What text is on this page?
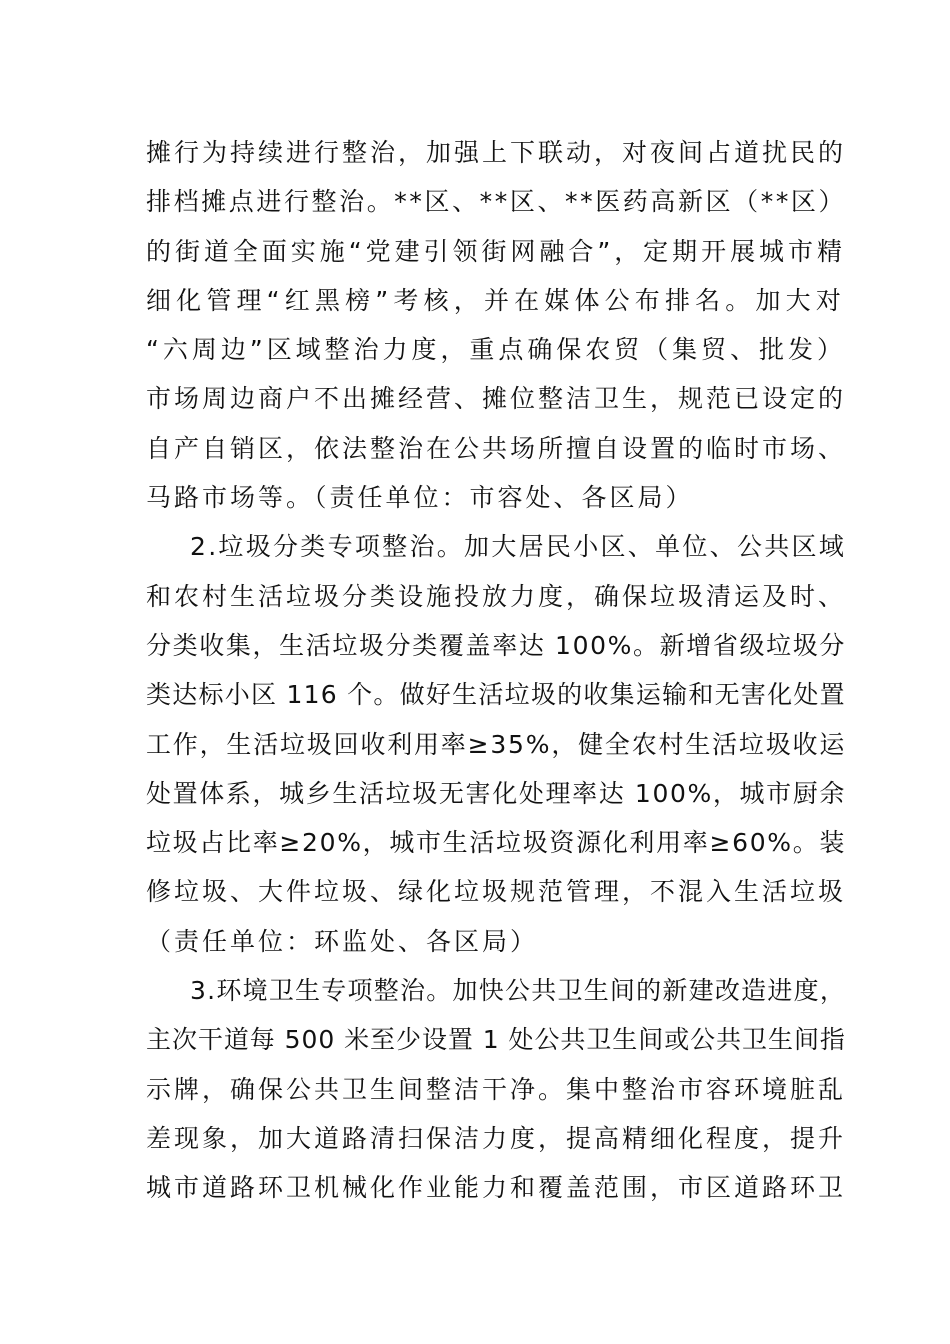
摊行为持续进行整治，加强上下联动，对夜间占道扰民的
排档摊点进行整治。**区、**区、**医药高新区（**区）
的街道全面实施“党建引领街网融合”，定期开展城市精
细化管理“红黑榜”考核，并在媒体公布排名。加大对
“六周边”区域整治力度，重点确保农贸（集贸、批发）
市场周边商户不出摊经营、摊位整洁卫生，规范已设定的
自产自销区，依法整治在公共场所擅自设置的临时市场、
马路市场等。（责任单位：市容处、各区局）
2.垃圾分类专项整治。加大居民小区、单位、公共区域
和农村生活垃圾分类设施投放力度，确保垃圾清运及时、
分类收集，生活垃圾分类覆盖率达 100%。新增省级垃圾分
类达标小区 116 个。做好生活垃圾的收集运输和无害化处置
工作，生活垃圾回收利用率≥35%，健全农村生活垃圾收运
处置体系，城乡生活垃圾无害化处理率达 100%，城市厨余
垃圾占比率≥20%，城市生活垃圾资源化利用率≥60%。装
修垃圾、大件垃圾、绿化垃圾规范管理，不混入生活垃圾
（责任单位：环监处、各区局）
3.环境卫生专项整治。加快公共卫生间的新建改造进度，
主次干道每 500 米至少设置 1 处公共卫生间或公共卫生间指
示牌，确保公共卫生间整洁干净。集中整治市容环境脏乱
差现象，加大道路清扫保洁力度，提高精细化程度，提升
城市道路环卫机械化作业能力和覆盖范围，市区道路环卫
